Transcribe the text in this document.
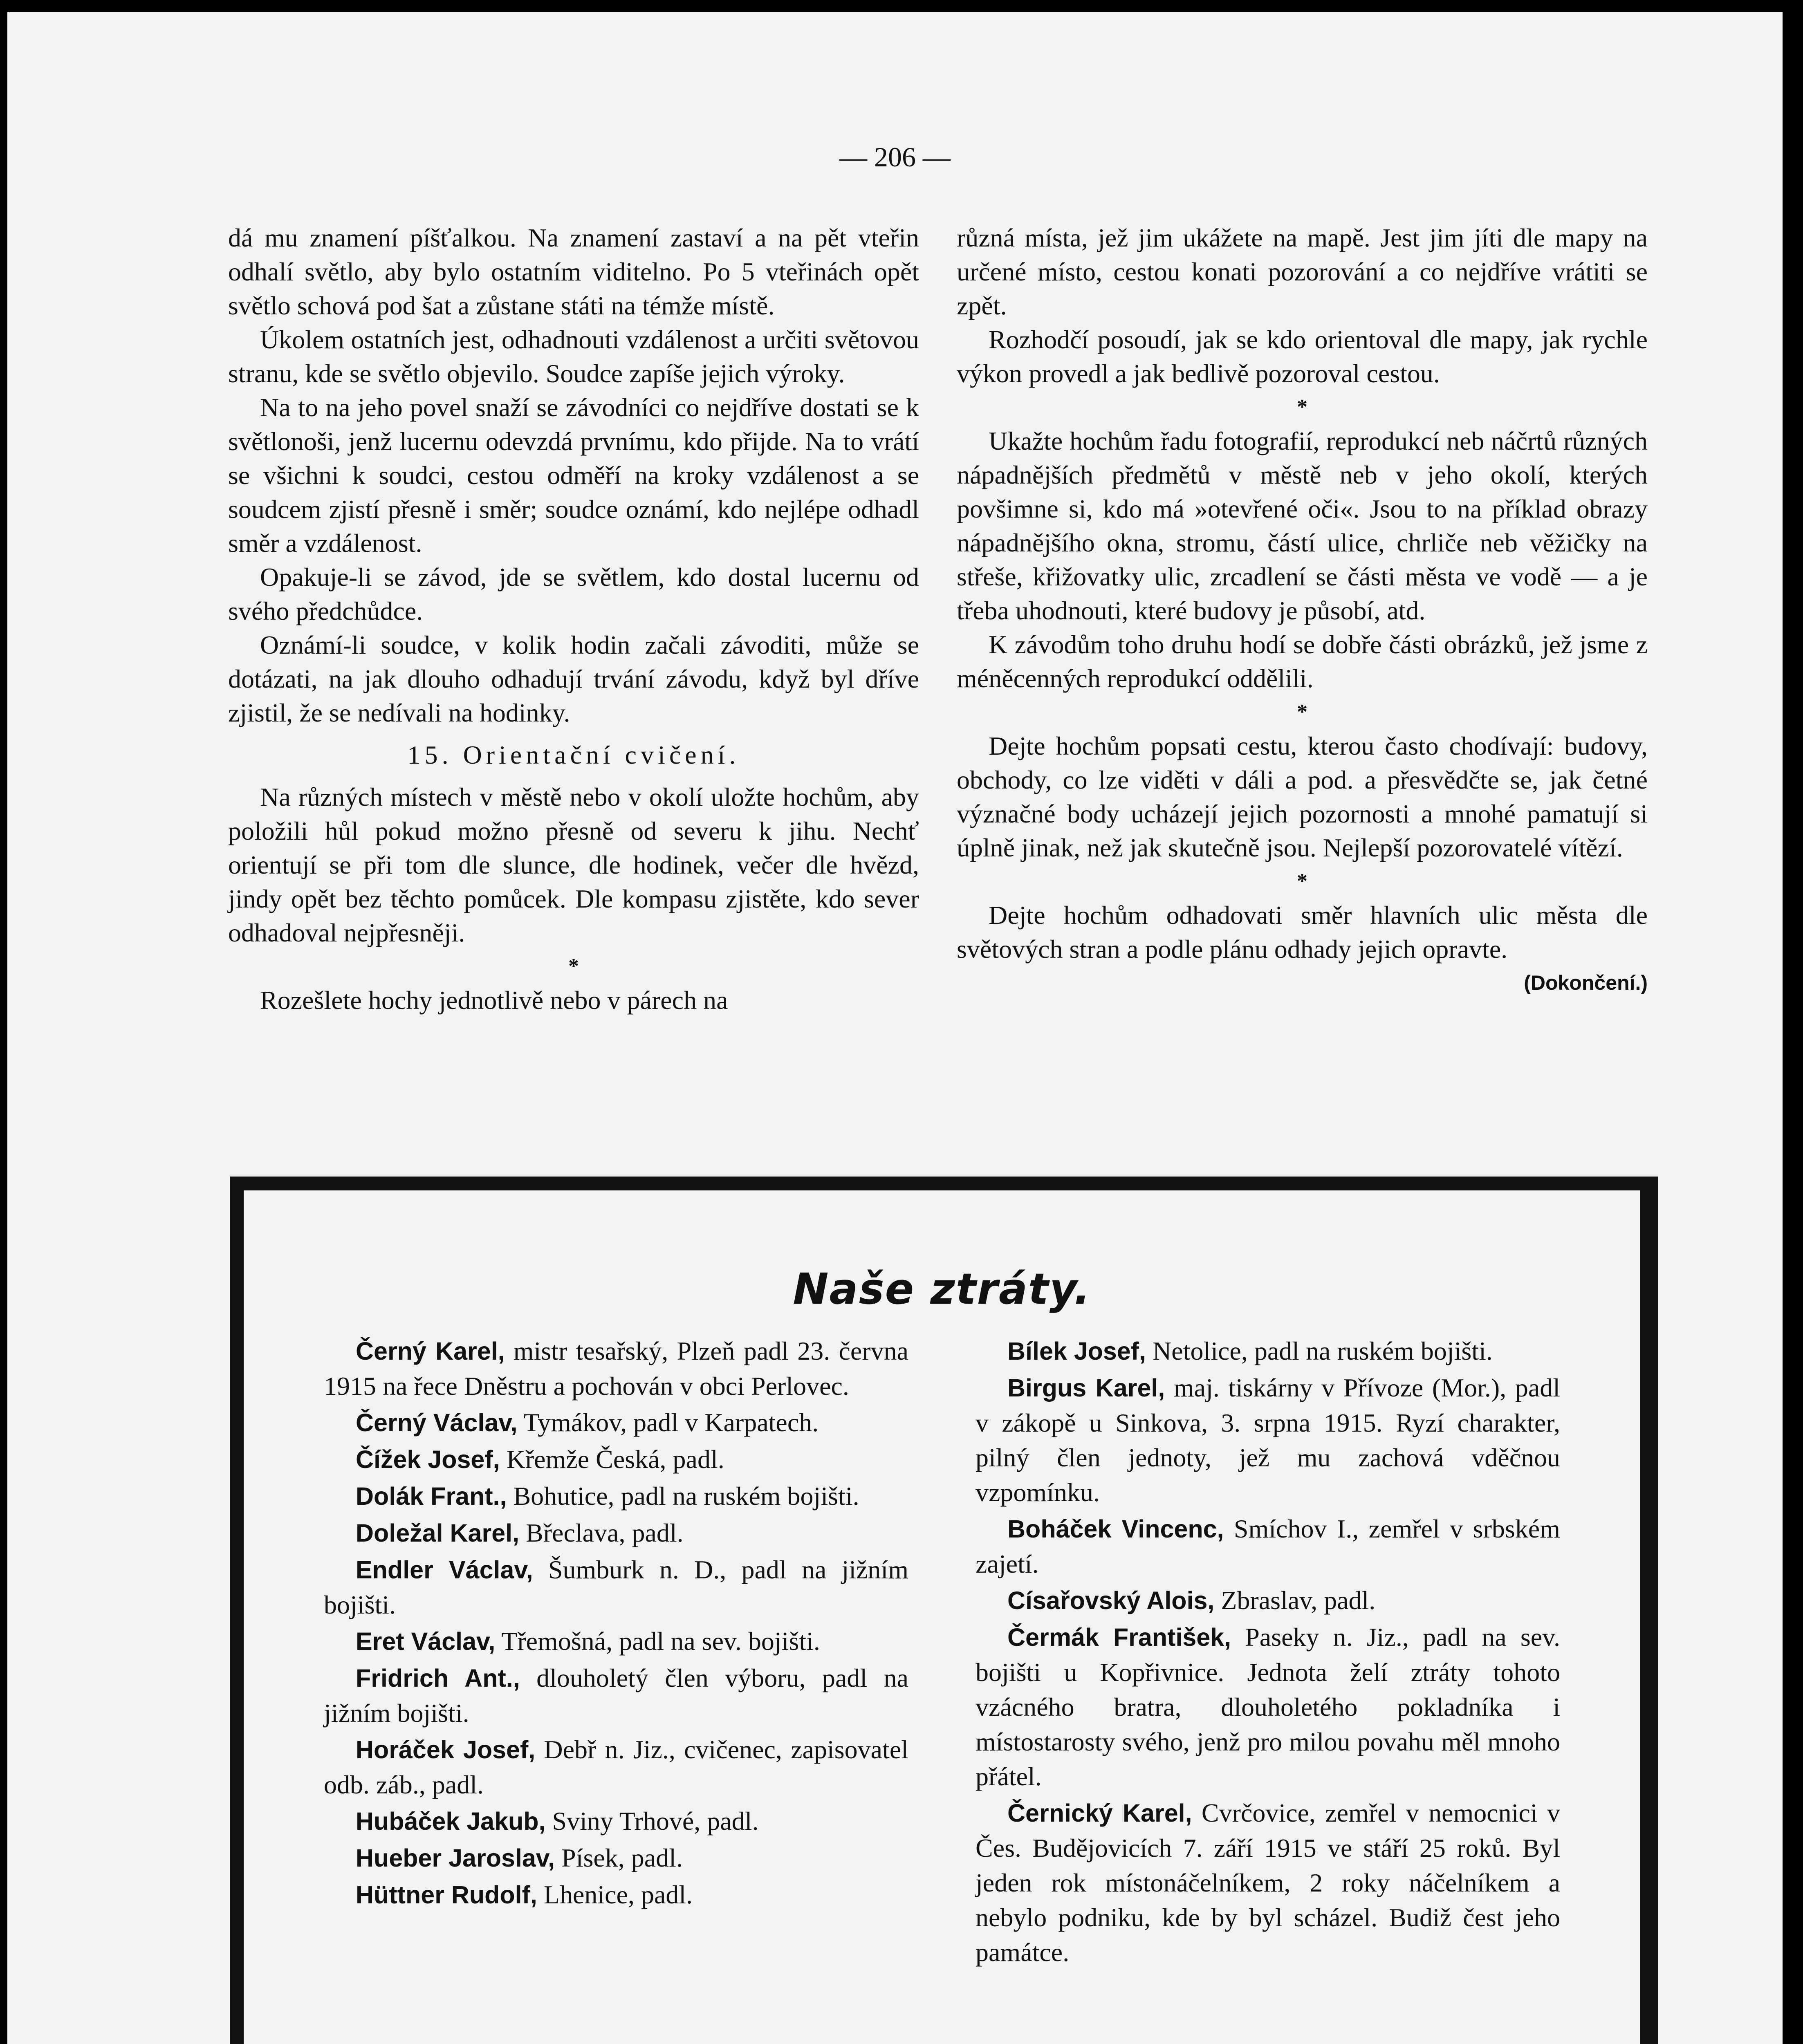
— 206 —

dá mu znamení píšťalkou. Na znamení zastaví a na pět vteřin odhalí světlo, aby bylo ostatním viditelno. Po 5 vteřinách opět světlo schová pod šat a zůstane státi na témže místě.

Úkolem ostatních jest, odhadnouti vzdálenost a určiti světovou stranu, kde se světlo objevilo. Soudce zapíše jejich výroky.

Na to na jeho povel snaží se závodníci co nejdříve dostati se k světlonoši, jenž lucernu odevzdá prvnímu, kdo přijde. Na to vrátí se všichni k soudci, cestou odměří na kroky vzdálenost a se soudcem zjistí přesně i směr; soudce oznámí, kdo nejlépe odhadl směr a vzdálenost.

Opakuje-li se závod, jde se světlem, kdo dostal lucernu od svého předchůdce.

Oznámí-li soudce, v kolik hodin začali závoditi, může se dotázati, na jak dlouho odhadují trvání závodu, když byl dříve zjistil, že se nedívali na hodinky.

15. Orientační cvičení.

Na různých místech v městě nebo v okolí uložte hochům, aby položili hůl pokud možno přesně od severu k jihu. Nechť orientují se při tom dle slunce, dle hodinek, večer dle hvězd, jindy opět bez těchto pomůcek. Dle kompasu zjistěte, kdo sever odhadoval nejpřesněji.

*

Rozešlete hochy jednotlivě nebo v párech na

různá místa, jež jim ukážete na mapě. Jest jim jíti dle mapy na určené místo, cestou konati pozorování a co nejdříve vrátiti se zpět.

Rozhodčí posoudí, jak se kdo orientoval dle mapy, jak rychle výkon provedl a jak bedlivě pozoroval cestou.

*

Ukažte hochům řadu fotografií, reprodukcí neb náčrtů různých nápadnějších předmětů v městě neb v jeho okolí, kterých povšimne si, kdo má »otevřené oči«. Jsou to na příklad obrazy nápadnějšího okna, stromu, částí ulice, chrliče neb věžičky na střeše, křižovatky ulic, zrcadlení se části města ve vodě — a je třeba uhodnouti, které budovy je působí, atd.

K závodům toho druhu hodí se dobře části obrázků, jež jsme z méněcenných reprodukcí oddělili.

*

Dejte hochům popsati cestu, kterou často chodívají: budovy, obchody, co lze viděti v dáli a pod. a přesvědčte se, jak četné význačné body ucházejí jejich pozornosti a mnohé pamatují si úplně jinak, než jak skutečně jsou. Nejlepší pozorovatelé vítězí.

*

Dejte hochům odhadovati směr hlavních ulic města dle světových stran a podle plánu odhady jejich opravte.
(Dokončení.)

Naše ztráty.

Černý Karel, mistr tesařský, Plzeň padl 23. června 1915 na řece Dněstru a pochován v obci Perlovec.

Černý Václav, Tymákov, padl v Karpatech.

Čížek Josef, Křemže Česká, padl.

Dolák Frant., Bohutice, padl na ruském bojišti.

Doležal Karel, Břeclava, padl.

Endler Václav, Šumburk n. D., padl na jižním bojišti.

Eret Václav, Třemošná, padl na sev. bojišti.

Fridrich Ant., dlouholetý člen výboru, padl na jižním bojišti.

Horáček Josef, Debř n. Jiz., cvičenec, zapisovatel odb. záb., padl.

Hubáček Jakub, Sviny Trhové, padl.

Hueber Jaroslav, Písek, padl.

Hüttner Rudolf, Lhenice, padl.

Bílek Josef, Netolice, padl na ruském bojišti.

Birgus Karel, maj. tiskárny v Přívoze (Mor.), padl v zákopě u Sinkova, 3. srpna 1915. Ryzí charakter, pilný člen jednoty, jež mu zachová vděčnou vzpomínku.

Boháček Vincenc, Smíchov I., zemřel v srbském zajetí.

Císařovský Alois, Zbraslav, padl.

Čermák František, Paseky n. Jiz., padl na sev. bojišti u Kopřivnice. Jednota želí ztráty tohoto vzácného bratra, dlouholetého pokladníka i místostarosty svého, jenž pro milou povahu měl mnoho přátel.

Černický Karel, Cvrčovice, zemřel v nemocnici v Čes. Budějovicích 7. září 1915 ve stáří 25 roků. Byl jeden rok místonáčelníkem, 2 roky náčelníkem a nebylo podniku, kde by byl scházel. Budiž čest jeho památce.
